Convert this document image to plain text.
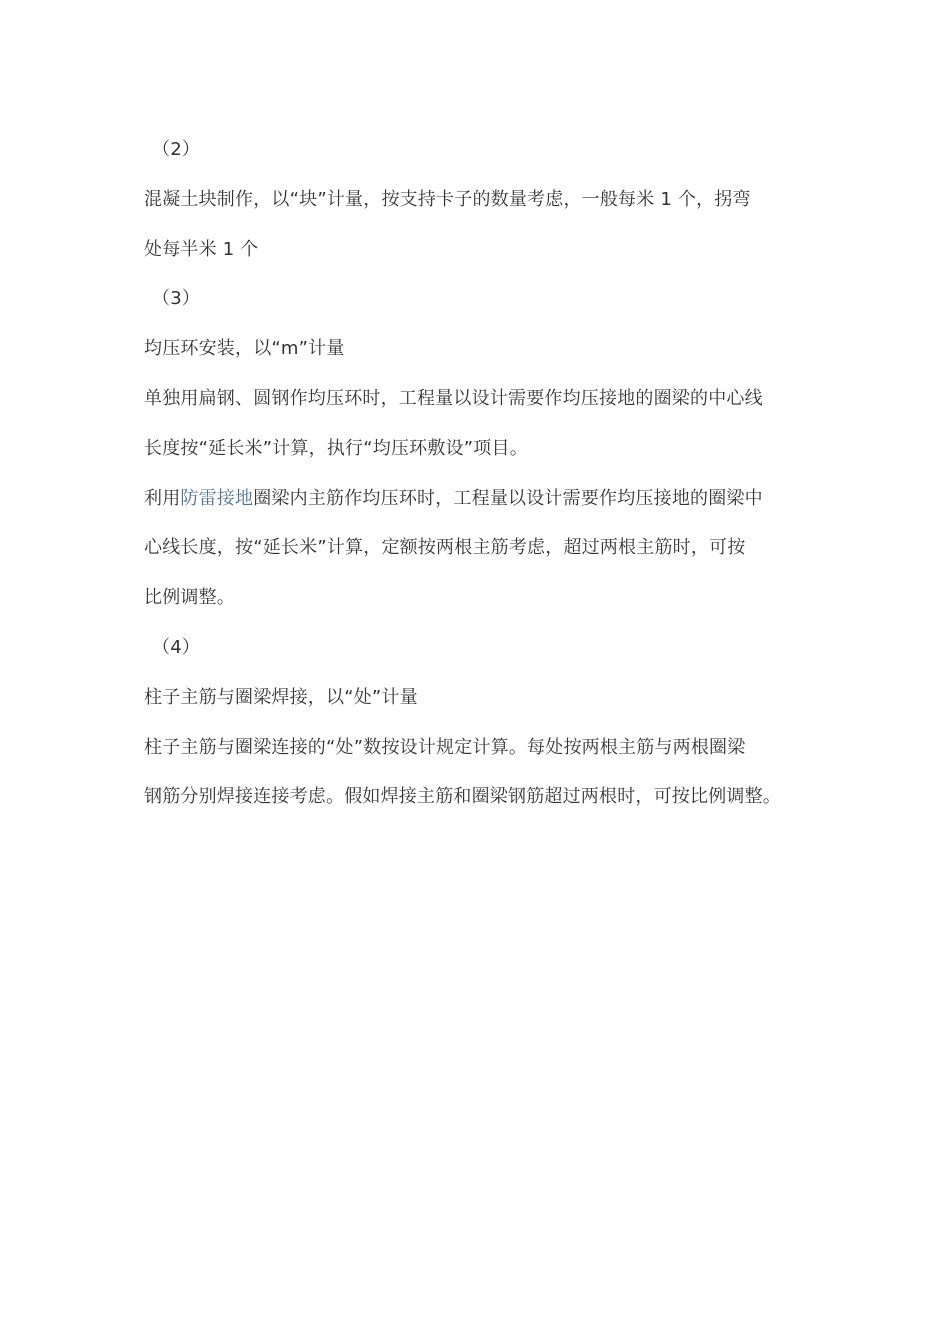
（2）
混凝土块制作，以“块”计量，按支持卡子的数量考虑，一般每米 1 个，拐弯
处每半米 1 个
（3）
均压环安装，以“m”计量
单独用扁钢、圆钢作均压环时，工程量以设计需要作均压接地的圈梁的中心线
长度按“延长米”计算，执行“均压环敷设”项目。
利用防雷接地圈梁内主筋作均压环时，工程量以设计需要作均压接地的圈梁中
心线长度，按“延长米”计算，定额按两根主筋考虑，超过两根主筋时，可按
比例调整。
（4）
柱子主筋与圈梁焊接，以“处”计量
柱子主筋与圈梁连接的“处”数按设计规定计算。每处按两根主筋与两根圈梁
钢筋分别焊接连接考虑。假如焊接主筋和圈梁钢筋超过两根时，可按比例调整。
